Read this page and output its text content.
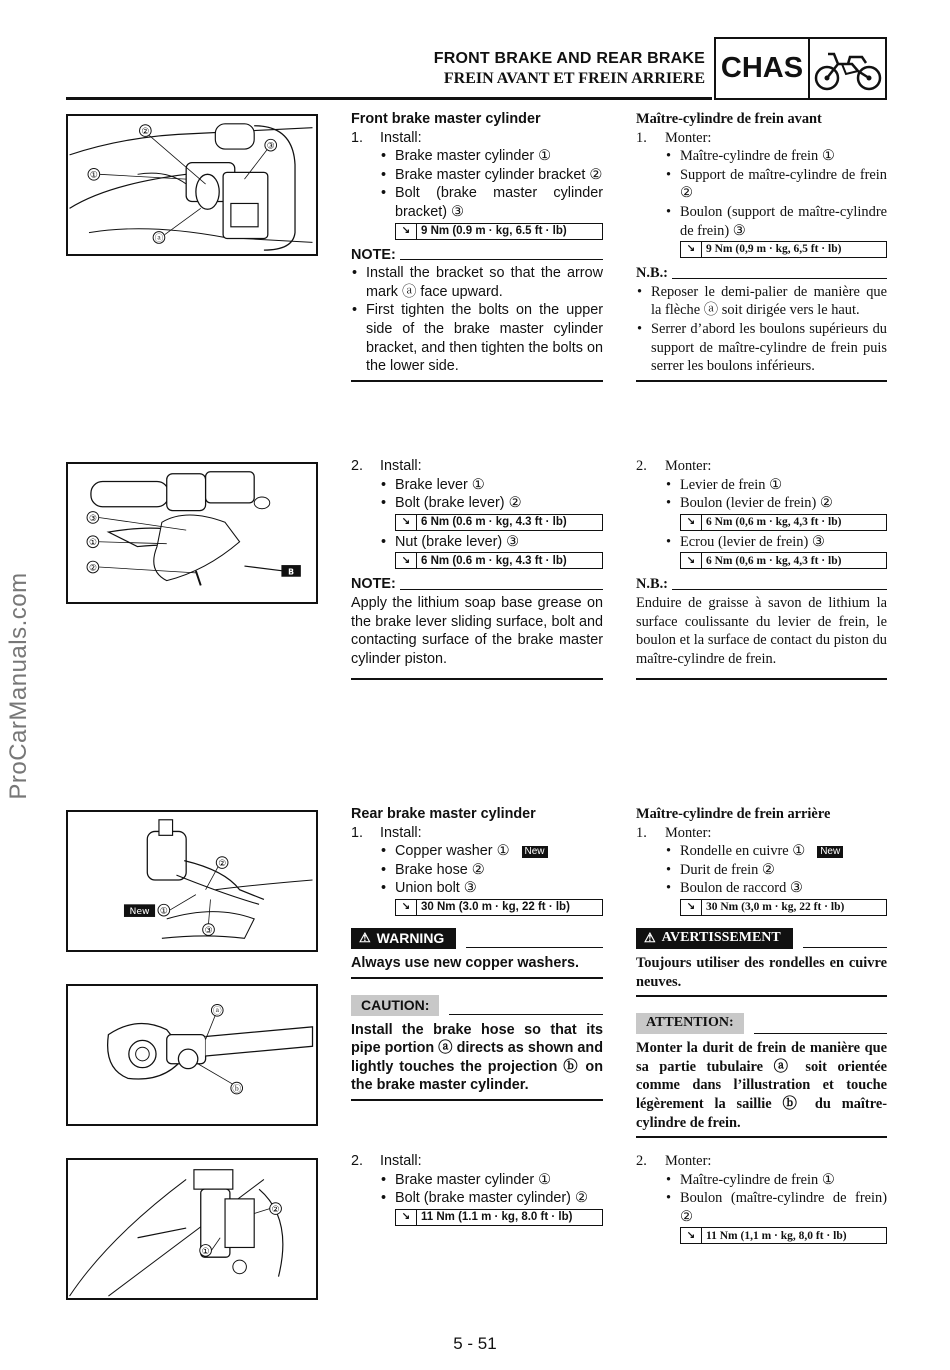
FRONT BRAKE AND REAR BRAKE
FREIN AVANT ET FREIN ARRIERE CHAS
ProCarManuals.com
②
①
③
ⓐ
③
①
②	B
New
②
①
③
ⓐ
ⓑ
②
①
Front brake master cylinder
1.	Install:
• Brake master cylinder ①
• Brake master cylinder bracket ②
• Bolt (brake master cylinder bracket) ③
↘ 9 Nm (0.9 m · kg, 6.5 ft · lb)
NOTE:
• Install the bracket so that the arrow mark ⓐ face upward.
• First tighten the bolts on the upper side of the brake master cylinder bracket, and then tighten the bolts on the lower side.
Maître-cylindre de frein avant
1.	Monter:
• Maître-cylindre de frein ①
• Support de maître-cylindre de frein ②
• Boulon (support de maître-cylindre de frein) ③
↘ 9 Nm (0,9 m · kg, 6,5 ft · lb)
N.B.:
• Reposer le demi-palier de manière que la flèche ⓐ soit dirigée vers le haut.
• Serrer d’abord les boulons supérieurs du support de maître-cylindre de frein puis serrer les boulons inférieurs.
2.	Install:
• Brake lever ①
• Bolt (brake lever) ②
↘ 6 Nm (0.6 m · kg, 4.3 ft · lb)
• Nut (brake lever) ③
↘ 6 Nm (0.6 m · kg, 4.3 ft · lb)
NOTE:
Apply the lithium soap base grease on the brake lever sliding surface, bolt and contacting surface of the brake master cylinder piston.
2.	Monter:
• Levier de frein ①
• Boulon (levier de frein) ②
↘ 6 Nm (0,6 m · kg, 4,3 ft · lb)
• Ecrou (levier de frein) ③
↘ 6 Nm (0,6 m · kg, 4,3 ft · lb)
N.B.:
Enduire de graisse à savon de lithium la surface coulissante du levier de frein, le boulon et la surface de contact du piston du maître-cylindre de frein.
Rear brake master cylinder
1.	Install:
• Copper washer ① New
• Brake hose ②
• Union bolt ③
↘ 30 Nm (3.0 m · kg, 22 ft · lb)
⚠ WARNING
Always use new copper washers.
CAUTION:
Install the brake hose so that its pipe portion ⓐ directs as shown and lightly touches the projection ⓑ on the brake master cylinder.
Maître-cylindre de frein arrière
1.	Monter:
• Rondelle en cuivre ① New
• Durit de frein ②
• Boulon de raccord ③
↘ 30 Nm (3,0 m · kg, 22 ft · lb)
⚠ AVERTISSEMENT
Toujours utiliser des rondelles en cuivre neuves.
ATTENTION:
Monter la durit de frein de manière que sa partie tubulaire ⓐ soit orientée comme dans l’illustration et touche légèrement la saillie ⓑ du maître-cylindre de frein.
2.	Install:
• Brake master cylinder ①
• Bolt (brake master cylinder) ②
↘ 11 Nm (1.1 m · kg, 8.0 ft · lb)
2.	Monter:
• Maître-cylindre de frein ①
• Boulon (maître-cylindre de frein) ②
↘ 11 Nm (1,1 m · kg, 8,0 ft · lb)
5 - 51
